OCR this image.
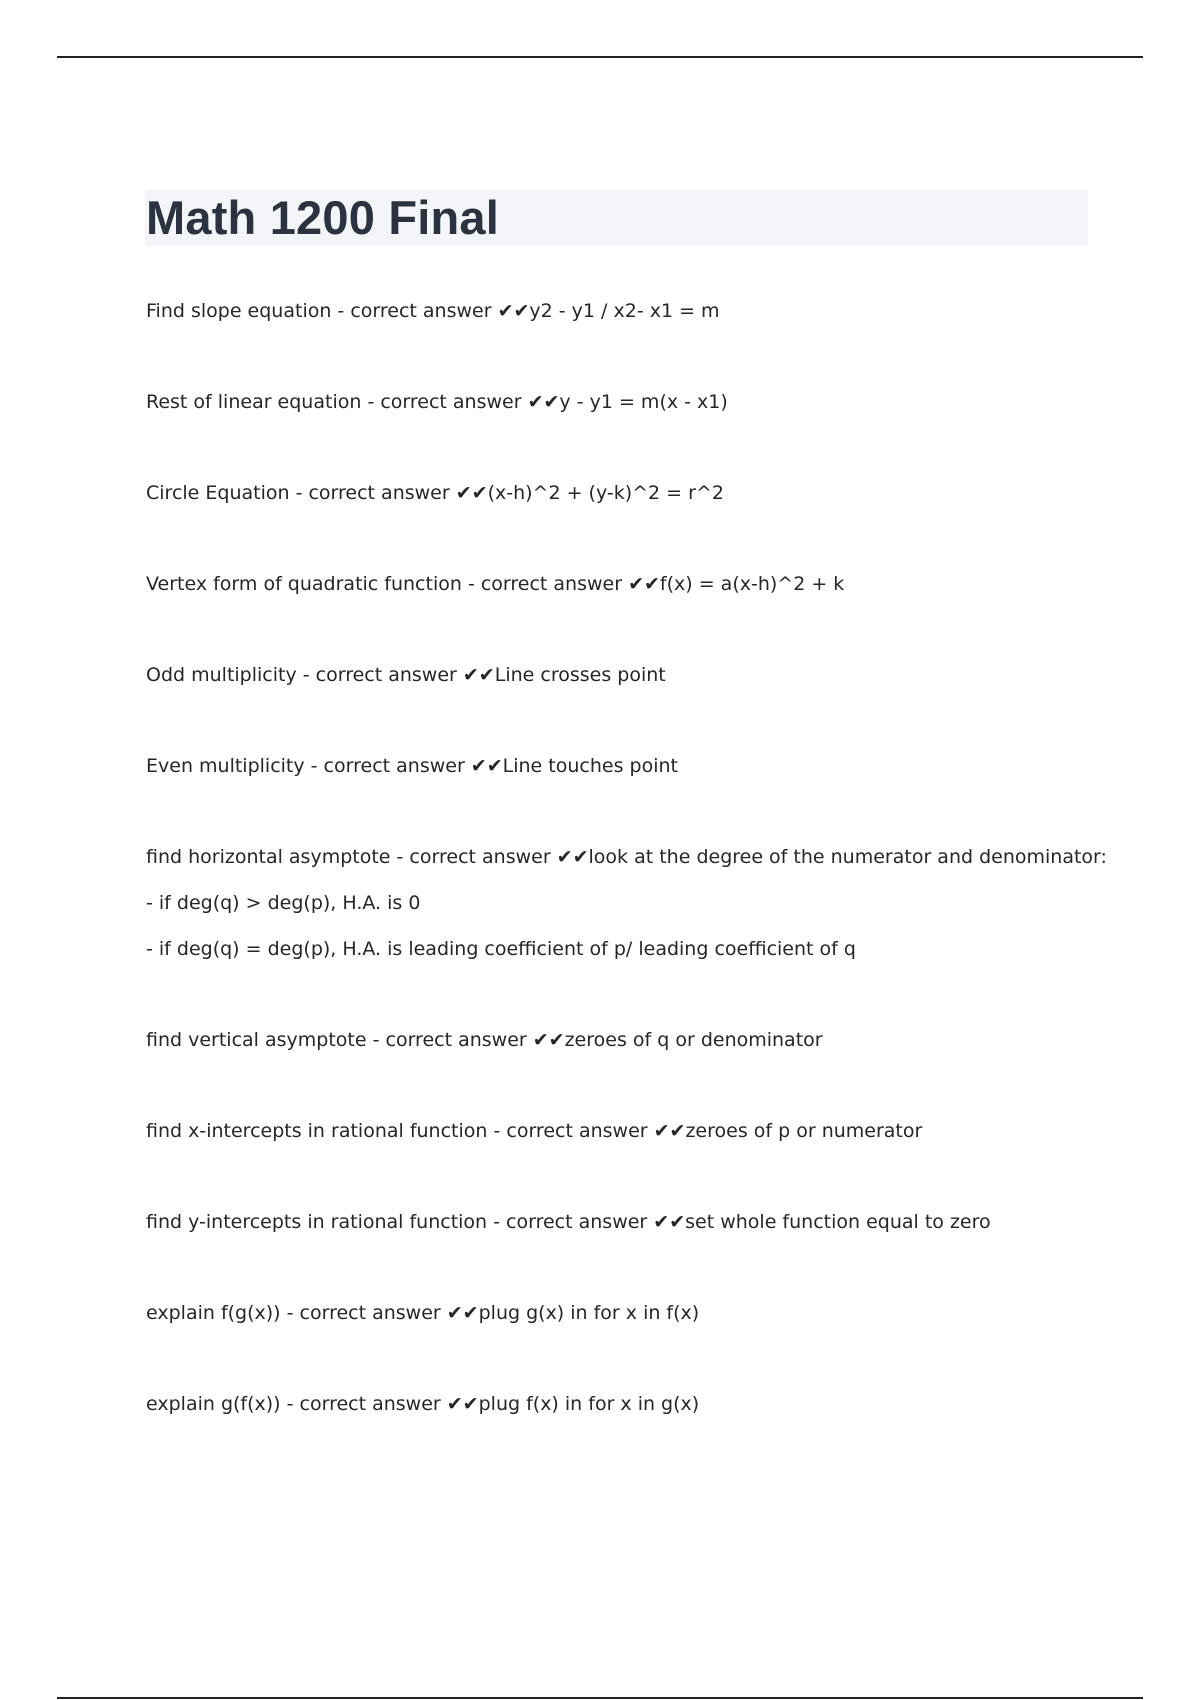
Math 1200 Final
Find slope equation - correct answer ✔✔y2 - y1 / x2- x1 = m
Rest of linear equation - correct answer ✔✔y - y1 = m(x - x1)
Circle Equation - correct answer ✔✔(x-h)^2 + (y-k)^2 = r^2
Vertex form of quadratic function - correct answer ✔✔f(x) = a(x-h)^2 + k
Odd multiplicity - correct answer ✔✔Line crosses point
Even multiplicity - correct answer ✔✔Line touches point
find horizontal asymptote - correct answer ✔✔look at the degree of the numerator and denominator:
- if deg(q) > deg(p), H.A. is 0
- if deg(q) = deg(p), H.A. is leading coefficient of p/ leading coefficient of q
find vertical asymptote - correct answer ✔✔zeroes of q or denominator
find x-intercepts in rational function - correct answer ✔✔zeroes of p or numerator
find y-intercepts in rational function - correct answer ✔✔set whole function equal to zero
explain f(g(x)) - correct answer ✔✔plug g(x) in for x in f(x)
explain g(f(x)) - correct answer ✔✔plug f(x) in for x in g(x)
